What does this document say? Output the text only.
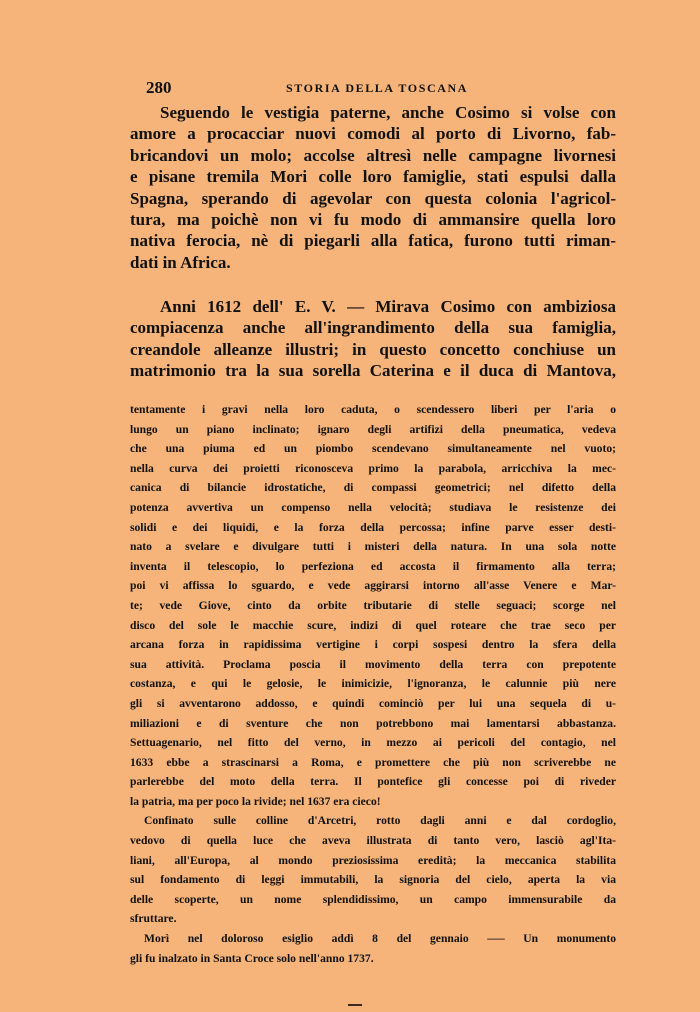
280	STORIA DELLA TOSCANA
Seguendo le vestigia paterne, anche Cosimo si volse con
amore a procacciar nuovi comodi al porto di Livorno, fab-
bricandovi un molo; accolse altresì nelle campagne livornesi
e pisane tremila Mori colle loro famiglie, stati espulsi dalla
Spagna, sperando di agevolar con questa colonia l'agricol-
tura, ma poichè non vi fu modo di ammansire quella loro
nativa ferocia, nè di piegarli alla fatica, furono tutti riman-
dati in Africa.
Anni 1612 dell' E. V. — Mirava Cosimo con ambiziosa
compiacenza anche all'ingrandimento della sua famiglia,
creandole alleanze illustri; in questo concetto conchiuse un
matrimonio tra la sua sorella Caterina e il duca di Mantova,
tentamente i gravi nella loro caduta, o scendessero liberi per l'aria o
lungo un piano inclinato; ignaro degli artifizi della pneumatica, vedeva
che una piuma ed un piombo scendevano simultaneamente nel vuoto;
nella curva dei proietti riconosceva primo la parabola, arricchiva la mec-
canica di bilancie idrostatiche, di compassi geometrici; nel difetto della
potenza avvertiva un compenso nella velocità; studiava le resistenze dei
solidi e dei liquidi, e la forza della percossa; infine parve esser desti-
nato a svelare e divulgare tutti i misteri della natura. In una sola notte
inventa il telescopio, lo perfeziona ed accosta il firmamento alla terra;
poi vi affissa lo sguardo, e vede aggirarsi intorno all'asse Venere e Mar-
te; vede Giove, cinto da orbite tributarie di stelle seguaci; scorge nel
disco del sole le macchie scure, indizi di quel roteare che trae seco per
arcana forza in rapidissima vertigine i corpi sospesi dentro la sfera della
sua attività. Proclama poscia il movimento della terra con prepotente
costanza, e qui le gelosie, le inimicizie, l'ignoranza, le calunnie più nere
gli si avventarono addosso, e quindi cominciò per lui una sequela di u-
miliazioni e di sventure che non potrebbono mai lamentarsi abbastanza.
Settuagenario, nel fitto del verno, in mezzo ai pericoli del contagio, nel
1633 ebbe a strascinarsi a Roma, e promettere che più non scriverebbe ne
parlerebbe del moto della terra. Il pontefice gli concesse poi di riveder
la patria, ma per poco la rivide; nel 1637 era cieco!
Confinato sulle colline d'Arcetri, rotto dagli anni e dal cordoglio,
vedovo di quella luce che aveva illustrata di tanto vero, lasciò agl'Ita-
liani, all'Europa, al mondo preziosissima eredità; la meccanica stabilita
sul fondamento di leggi immutabili, la signoria del cielo, aperta la via
delle scoperte, un nome splendidissimo, un campo immensurabile da
sfruttare.
Morì nel doloroso esiglio addì 8 del gennaio —– Un monumento
gli fu inalzato in Santa Croce solo nell'anno 1737.
